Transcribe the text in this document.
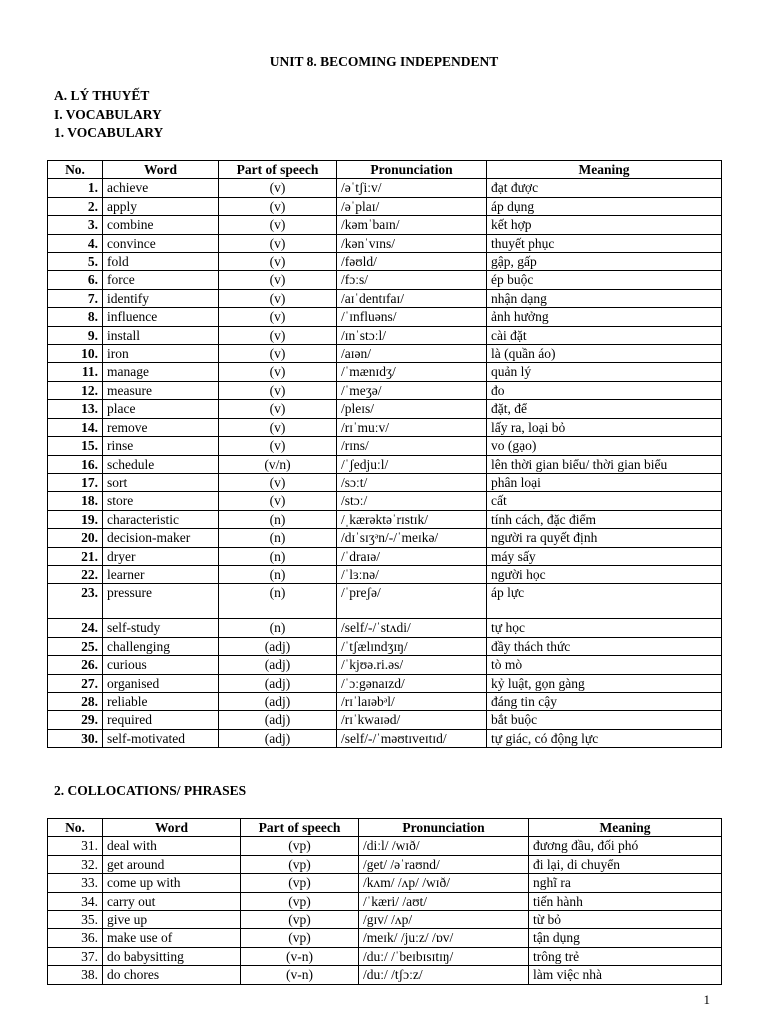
UNIT 8. BECOMING INDEPENDENT
A. LÝ THUYẾT
I. VOCABULARY
1. VOCABULARY
No.	Word	Part of speech	Pronunciation	Meaning
1.	achieve	(v)	/əˈtʃiːv/	đạt được
2.	apply	(v)	/əˈplaɪ/	áp dụng
3.	combine	(v)	/kəmˈbaɪn/	kết hợp
4.	convince	(v)	/kənˈvɪns/	thuyết phục
5.	fold	(v)	/fəʊld/	gập, gấp
6.	force	(v)	/fɔːs/	ép buộc
7.	identify	(v)	/aɪˈdentɪfaɪ/	nhận dạng
8.	influence	(v)	/ˈɪnfluəns/	ảnh hưởng
9.	install	(v)	/ɪnˈstɔːl/	cài đặt
10.	iron	(v)	/aɪən/	là (quần áo)
11.	manage	(v)	/ˈmænɪdʒ/	quản lý
12.	measure	(v)	/ˈmeʒə/	đo
13.	place	(v)	/pleɪs/	đặt, để
14.	remove	(v)	/rɪˈmuːv/	lấy ra, loại bỏ
15.	rinse	(v)	/rɪns/	vo (gạo)
16.	schedule	(v/n)	/ˈʃedjuːl/	lên thời gian biểu/ thời gian biểu
17.	sort	(v)	/sɔːt/	phân loại
18.	store	(v)	/stɔː/	cất
19.	characteristic	(n)	/ˌkærəktəˈrɪstɪk/	tính cách, đặc điểm
20.	decision-maker	(n)	/dɪˈsɪʒᵊn/-/ˈmeɪkə/	người ra quyết định
21.	dryer	(n)	/ˈdraɪə/	máy sấy
22.	learner	(n)	/ˈlɜːnə/	người học
23.	pressure	(n)	/ˈpreʃə/	áp lực
24.	self-study	(n)	/self/-/ˈstʌdi/	tự học
25.	challenging	(adj)	/ˈtʃælɪndʒɪŋ/	đầy thách thức
26.	curious	(adj)	/ˈkjʊə.ri.əs/	tò mò
27.	organised	(adj)	/ˈɔːgənaɪzd/	kỷ luật, gọn gàng
28.	reliable	(adj)	/rɪˈlaɪəbᵊl/	đáng tin cậy
29.	required	(adj)	/rɪˈkwaɪəd/	bắt buộc
30.	self-motivated	(adj)	/self/-/ˈməʊtɪveɪtɪd/	tự giác, có động lực
2. COLLOCATIONS/ PHRASES
No.	Word	Part of speech	Pronunciation	Meaning
31.	deal with	(vp)	/diːl/ /wɪð/	đương đầu, đối phó
32.	get around	(vp)	/get/ /əˈraʊnd/	đi lại, di chuyển
33.	come up with	(vp)	/kʌm/ /ʌp/ /wɪð/	nghĩ ra
34.	carry out	(vp)	/ˈkæri/ /aʊt/	tiến hành
35.	give up	(vp)	/gɪv/ /ʌp/	từ bỏ
36.	make use of	(vp)	/meɪk/ /juːz/ /ɒv/	tận dụng
37.	do babysitting	(v-n)	/duː/ /ˈbeɪbɪsɪtɪŋ/	trông trẻ
38.	do chores	(v-n)	/duː/ /tʃɔːz/	làm việc nhà
1
